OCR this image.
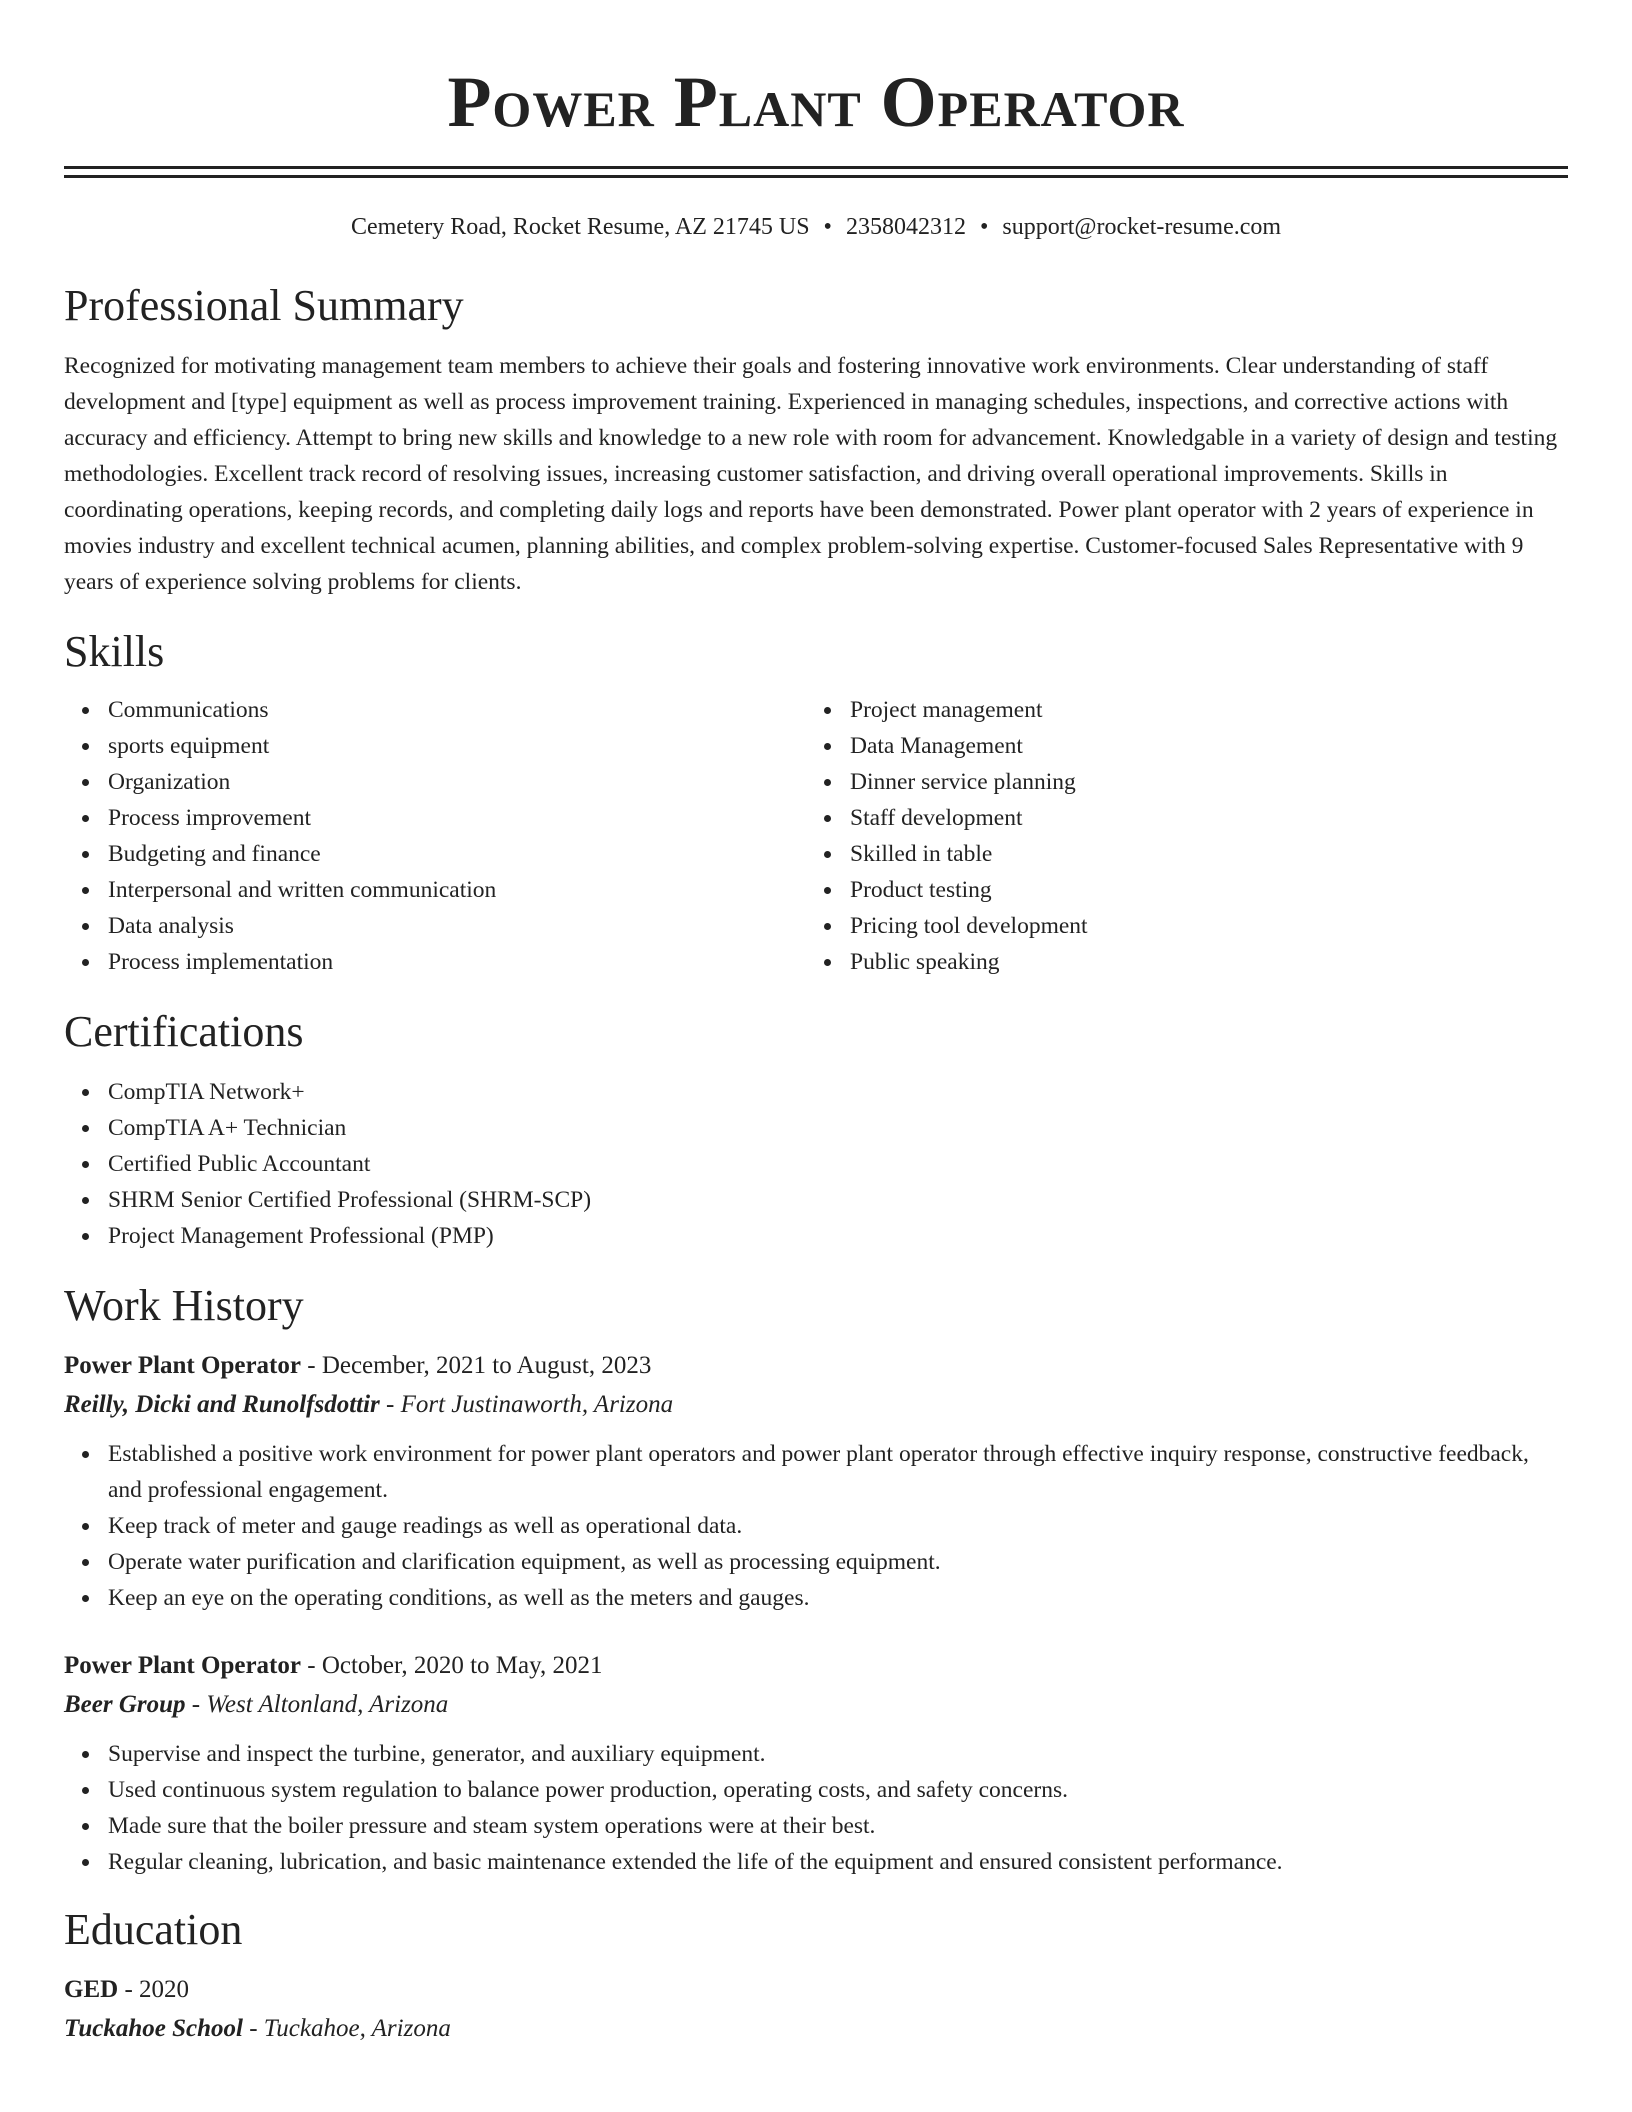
Power Plant Operator
Cemetery Road, Rocket Resume, AZ 21745 US • 2358042312 • support@rocket-resume.com
Professional Summary

Recognized for motivating management team members to achieve their goals and fostering innovative work environments. Clear understanding of staff development and [type] equipment as well as process improvement training. Experienced in managing schedules, inspections, and corrective actions with accuracy and efficiency. Attempt to bring new skills and knowledge to a new role with room for advancement. Knowledgable in a variety of design and testing methodologies. Excellent track record of resolving issues, increasing customer satisfaction, and driving overall operational improvements. Skills in coordinating operations, keeping records, and completing daily logs and reports have been demonstrated. Power plant operator with 2 years of experience in movies industry and excellent technical acumen, planning abilities, and complex problem-solving expertise. Customer-focused Sales Representative with 9 years of experience solving problems for clients.

Skills
Communications
sports equipment
Organization
Process improvement
Budgeting and finance
Interpersonal and written communication
Data analysis
Process implementation
Project management
Data Management
Dinner service planning
Staff development
Skilled in table
Product testing
Pricing tool development
Public speaking
Certifications
CompTIA Network+
CompTIA A+ Technician
Certified Public Accountant
SHRM Senior Certified Professional (SHRM-SCP)
Project Management Professional (PMP)
Work History
Power Plant Operator - December, 2021 to August, 2023
Reilly, Dicki and Runolfsdottir - Fort Justinaworth, Arizona
Established a positive work environment for power plant operators and power plant operator through effective inquiry response, constructive feedback, and professional engagement.
Keep track of meter and gauge readings as well as operational data.
Operate water purification and clarification equipment, as well as processing equipment.
Keep an eye on the operating conditions, as well as the meters and gauges.
Power Plant Operator - October, 2020 to May, 2021
Beer Group - West Altonland, Arizona
Supervise and inspect the turbine, generator, and auxiliary equipment.
Used continuous system regulation to balance power production, operating costs, and safety concerns.
Made sure that the boiler pressure and steam system operations were at their best.
Regular cleaning, lubrication, and basic maintenance extended the life of the equipment and ensured consistent performance.
Education
GED - 2020
Tuckahoe School - Tuckahoe, Arizona
